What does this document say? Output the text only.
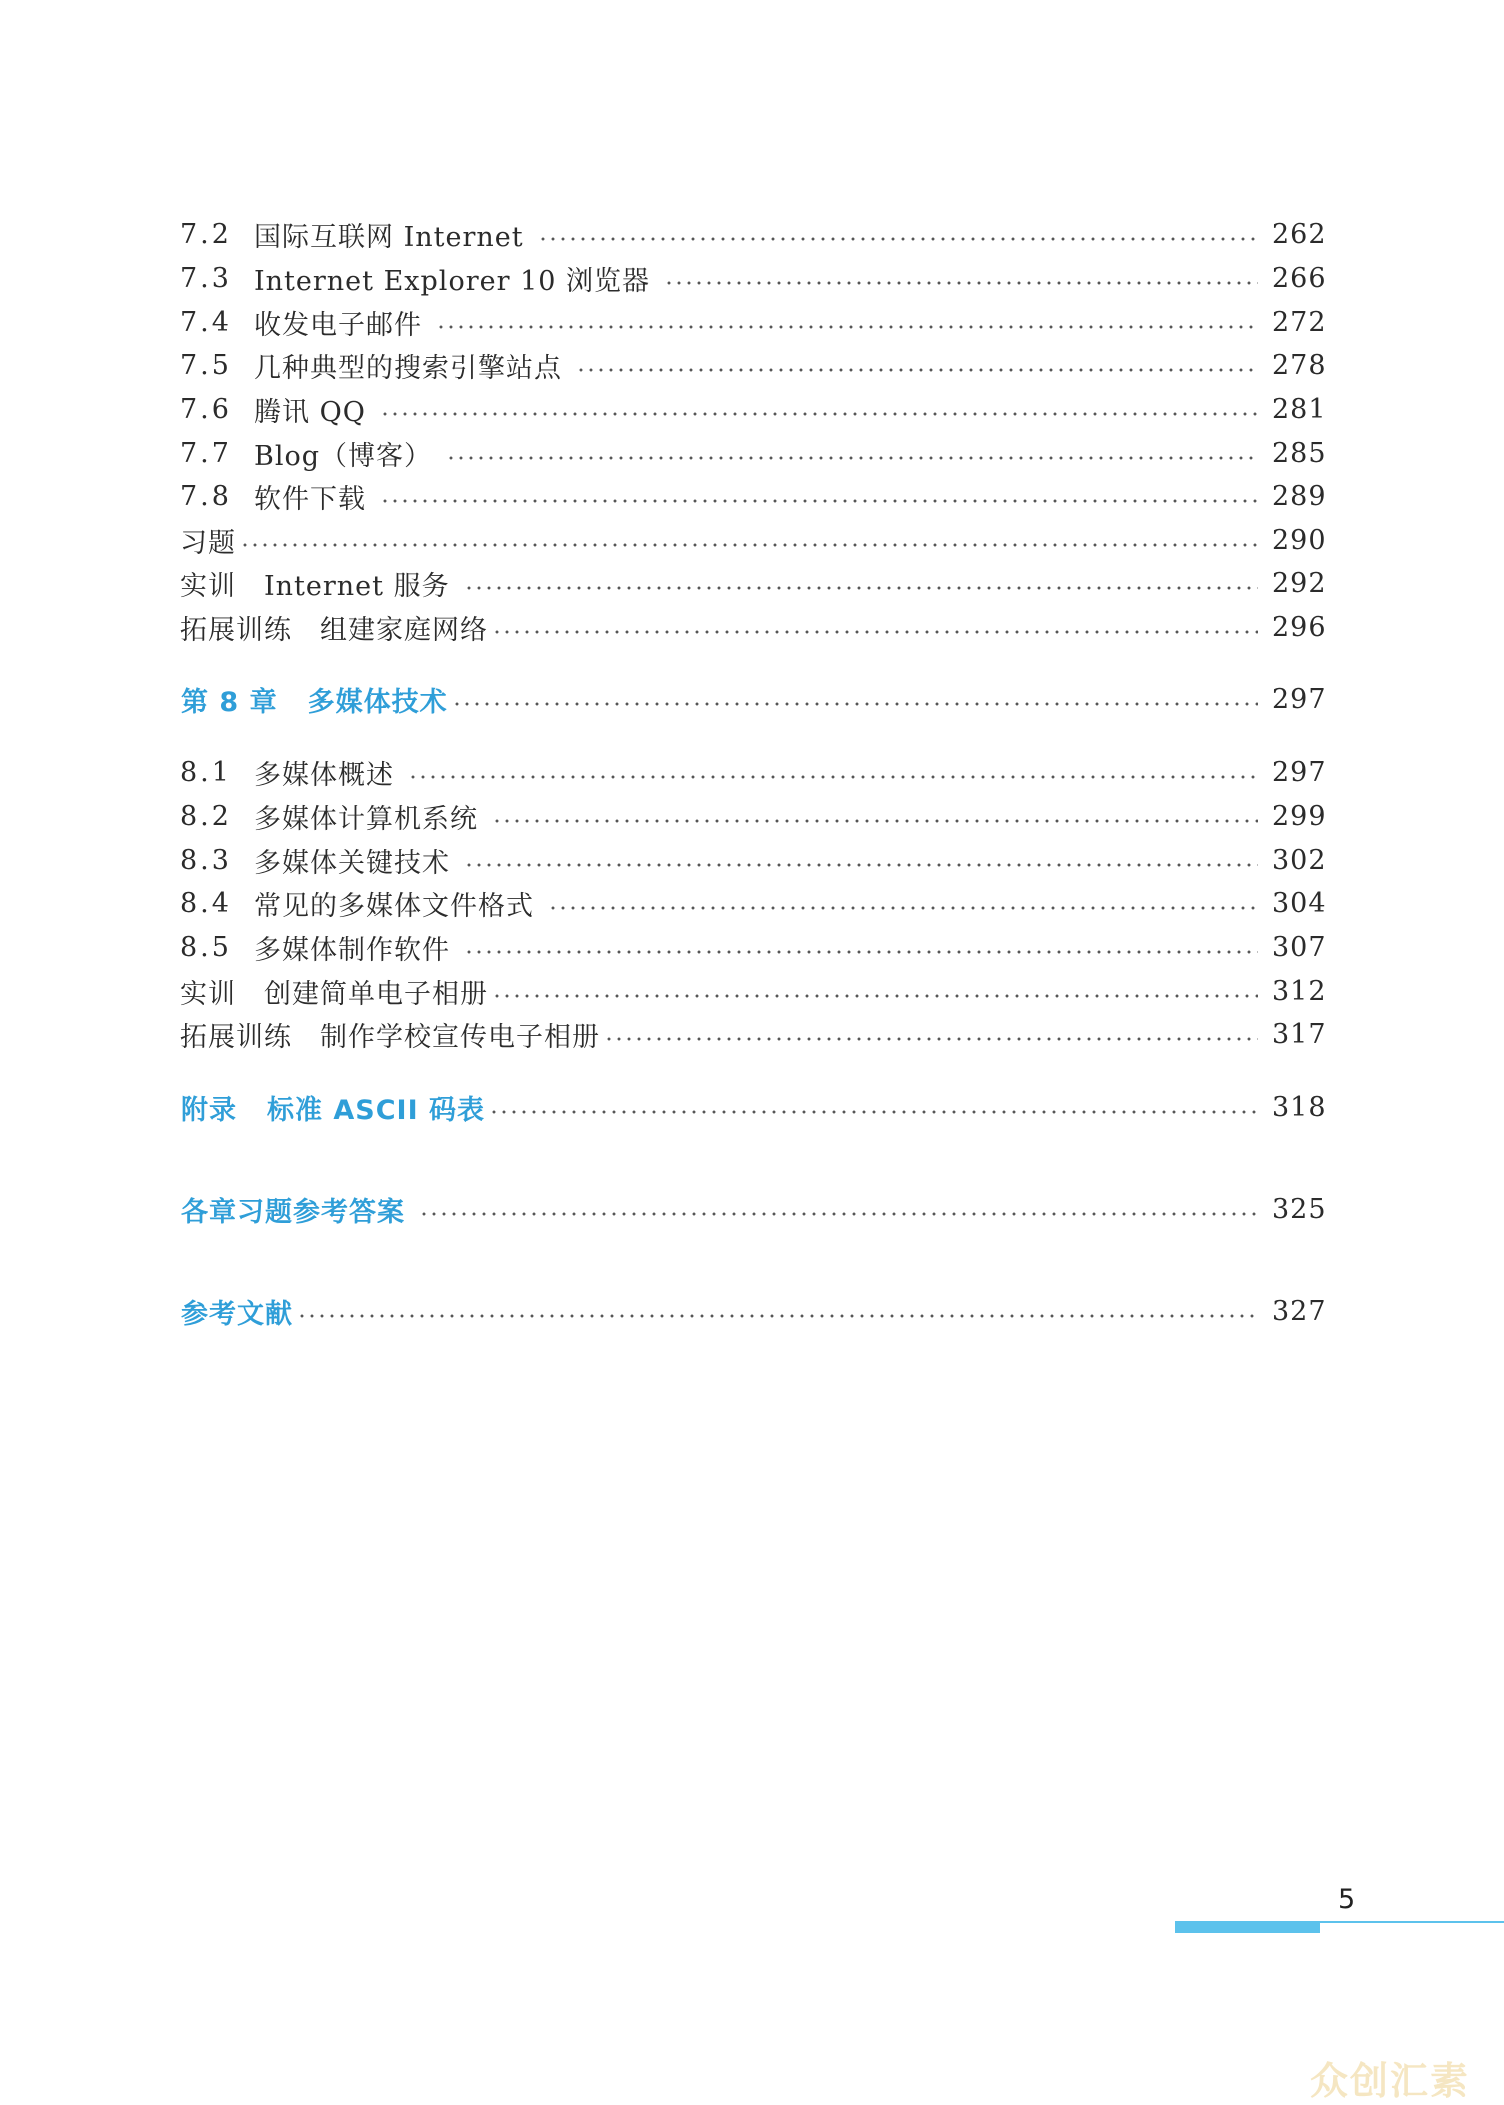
7.2 国际互联网 Internet	262
7.3 Internet Explorer 10 浏览器	266
7.4 收发电子邮件	272
7.5 几种典型的搜索引擎站点	278
7.6 腾讯 QQ	281
7.7 Blog（博客）	285
7.8 软件下载	289
习题	290
实训 Internet 服务	292
拓展训练 组建家庭网络	296
第 8 章 多媒体技术	297
8.1 多媒体概述	297
8.2 多媒体计算机系统	299
8.3 多媒体关键技术	302
8.4 常见的多媒体文件格式	304
8.5 多媒体制作软件	307
实训 创建简单电子相册	312
拓展训练 制作学校宣传电子相册	317
附录 标准 ASCII 码表	318
各章习题参考答案	325
参考文献	327
5
众创汇素
